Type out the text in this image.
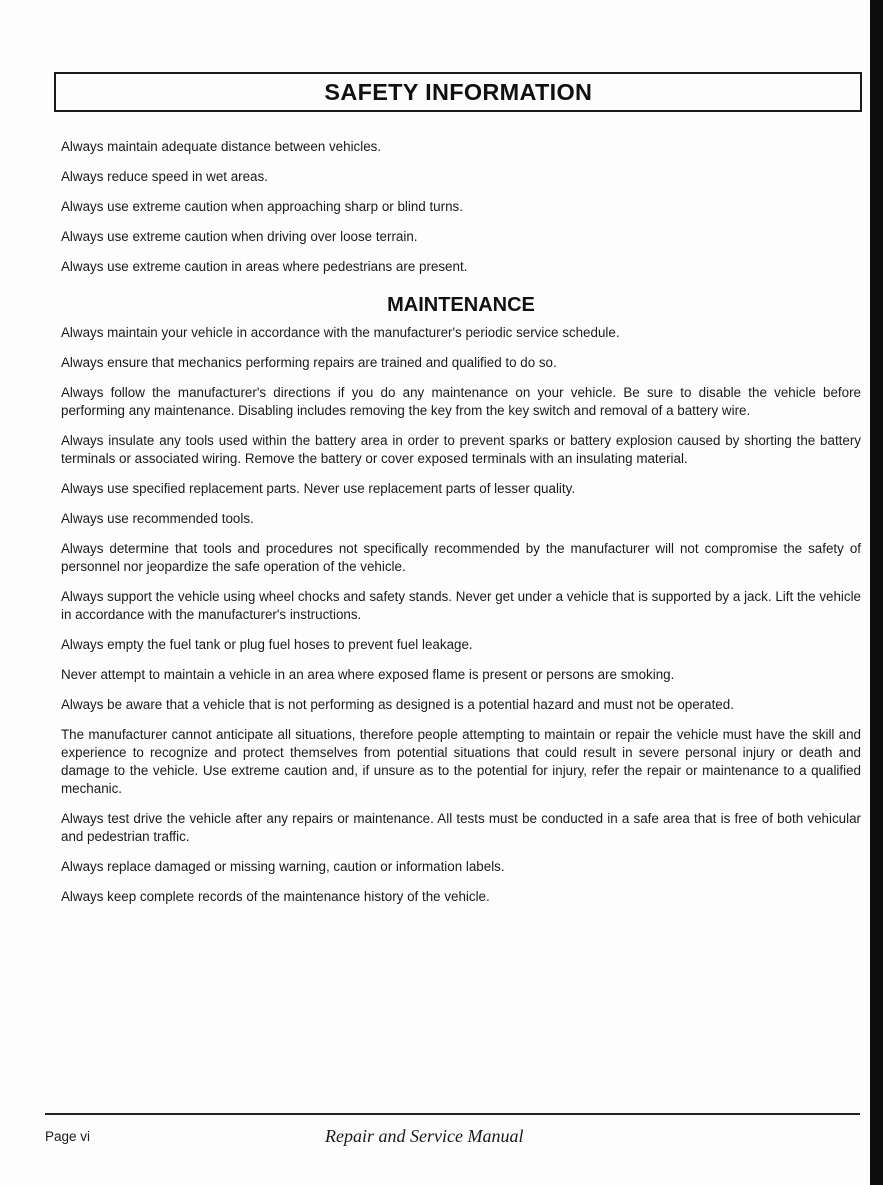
SAFETY INFORMATION

Always maintain adequate distance between vehicles.

Always reduce speed in wet areas.

Always use extreme caution when approaching sharp or blind turns.

Always use extreme caution when driving over loose terrain.

Always use extreme caution in areas where pedestrians are present.

MAINTENANCE

Always maintain your vehicle in accordance with the manufacturer's periodic service schedule.

Always ensure that mechanics performing repairs are trained and qualified to do so.

Always follow the manufacturer's directions if you do any maintenance on your vehicle. Be sure to disable the vehicle before performing any maintenance. Disabling includes removing the key from the key switch and removal of a battery wire.

Always insulate any tools used within the battery area in order to prevent sparks or battery explosion caused by shorting the battery terminals or associated wiring. Remove the battery or cover exposed terminals with an insulating material.

Always use specified replacement parts. Never use replacement parts of lesser quality.

Always use recommended tools.

Always determine that tools and procedures not specifically recommended by the manufacturer will not compromise the safety of personnel nor jeopardize the safe operation of the vehicle.

Always support the vehicle using wheel chocks and safety stands. Never get under a vehicle that is supported by a jack. Lift the vehicle in accordance with the manufacturer's instructions.

Always empty the fuel tank or plug fuel hoses to prevent fuel leakage.

Never attempt to maintain a vehicle in an area where exposed flame is present or persons are smoking.

Always be aware that a vehicle that is not performing as designed is a potential hazard and must not be operated.

The manufacturer cannot anticipate all situations, therefore people attempting to maintain or repair the vehicle must have the skill and experience to recognize and protect themselves from potential situations that could result in severe personal injury or death and damage to the vehicle. Use extreme caution and, if unsure as to the potential for injury, refer the repair or maintenance to a qualified mechanic.

Always test drive the vehicle after any repairs or maintenance. All tests must be conducted in a safe area that is free of both vehicular and pedestrian traffic.

Always replace damaged or missing warning, caution or information labels.

Always keep complete records of the maintenance history of the vehicle.

Page vi	Repair and Service Manual
